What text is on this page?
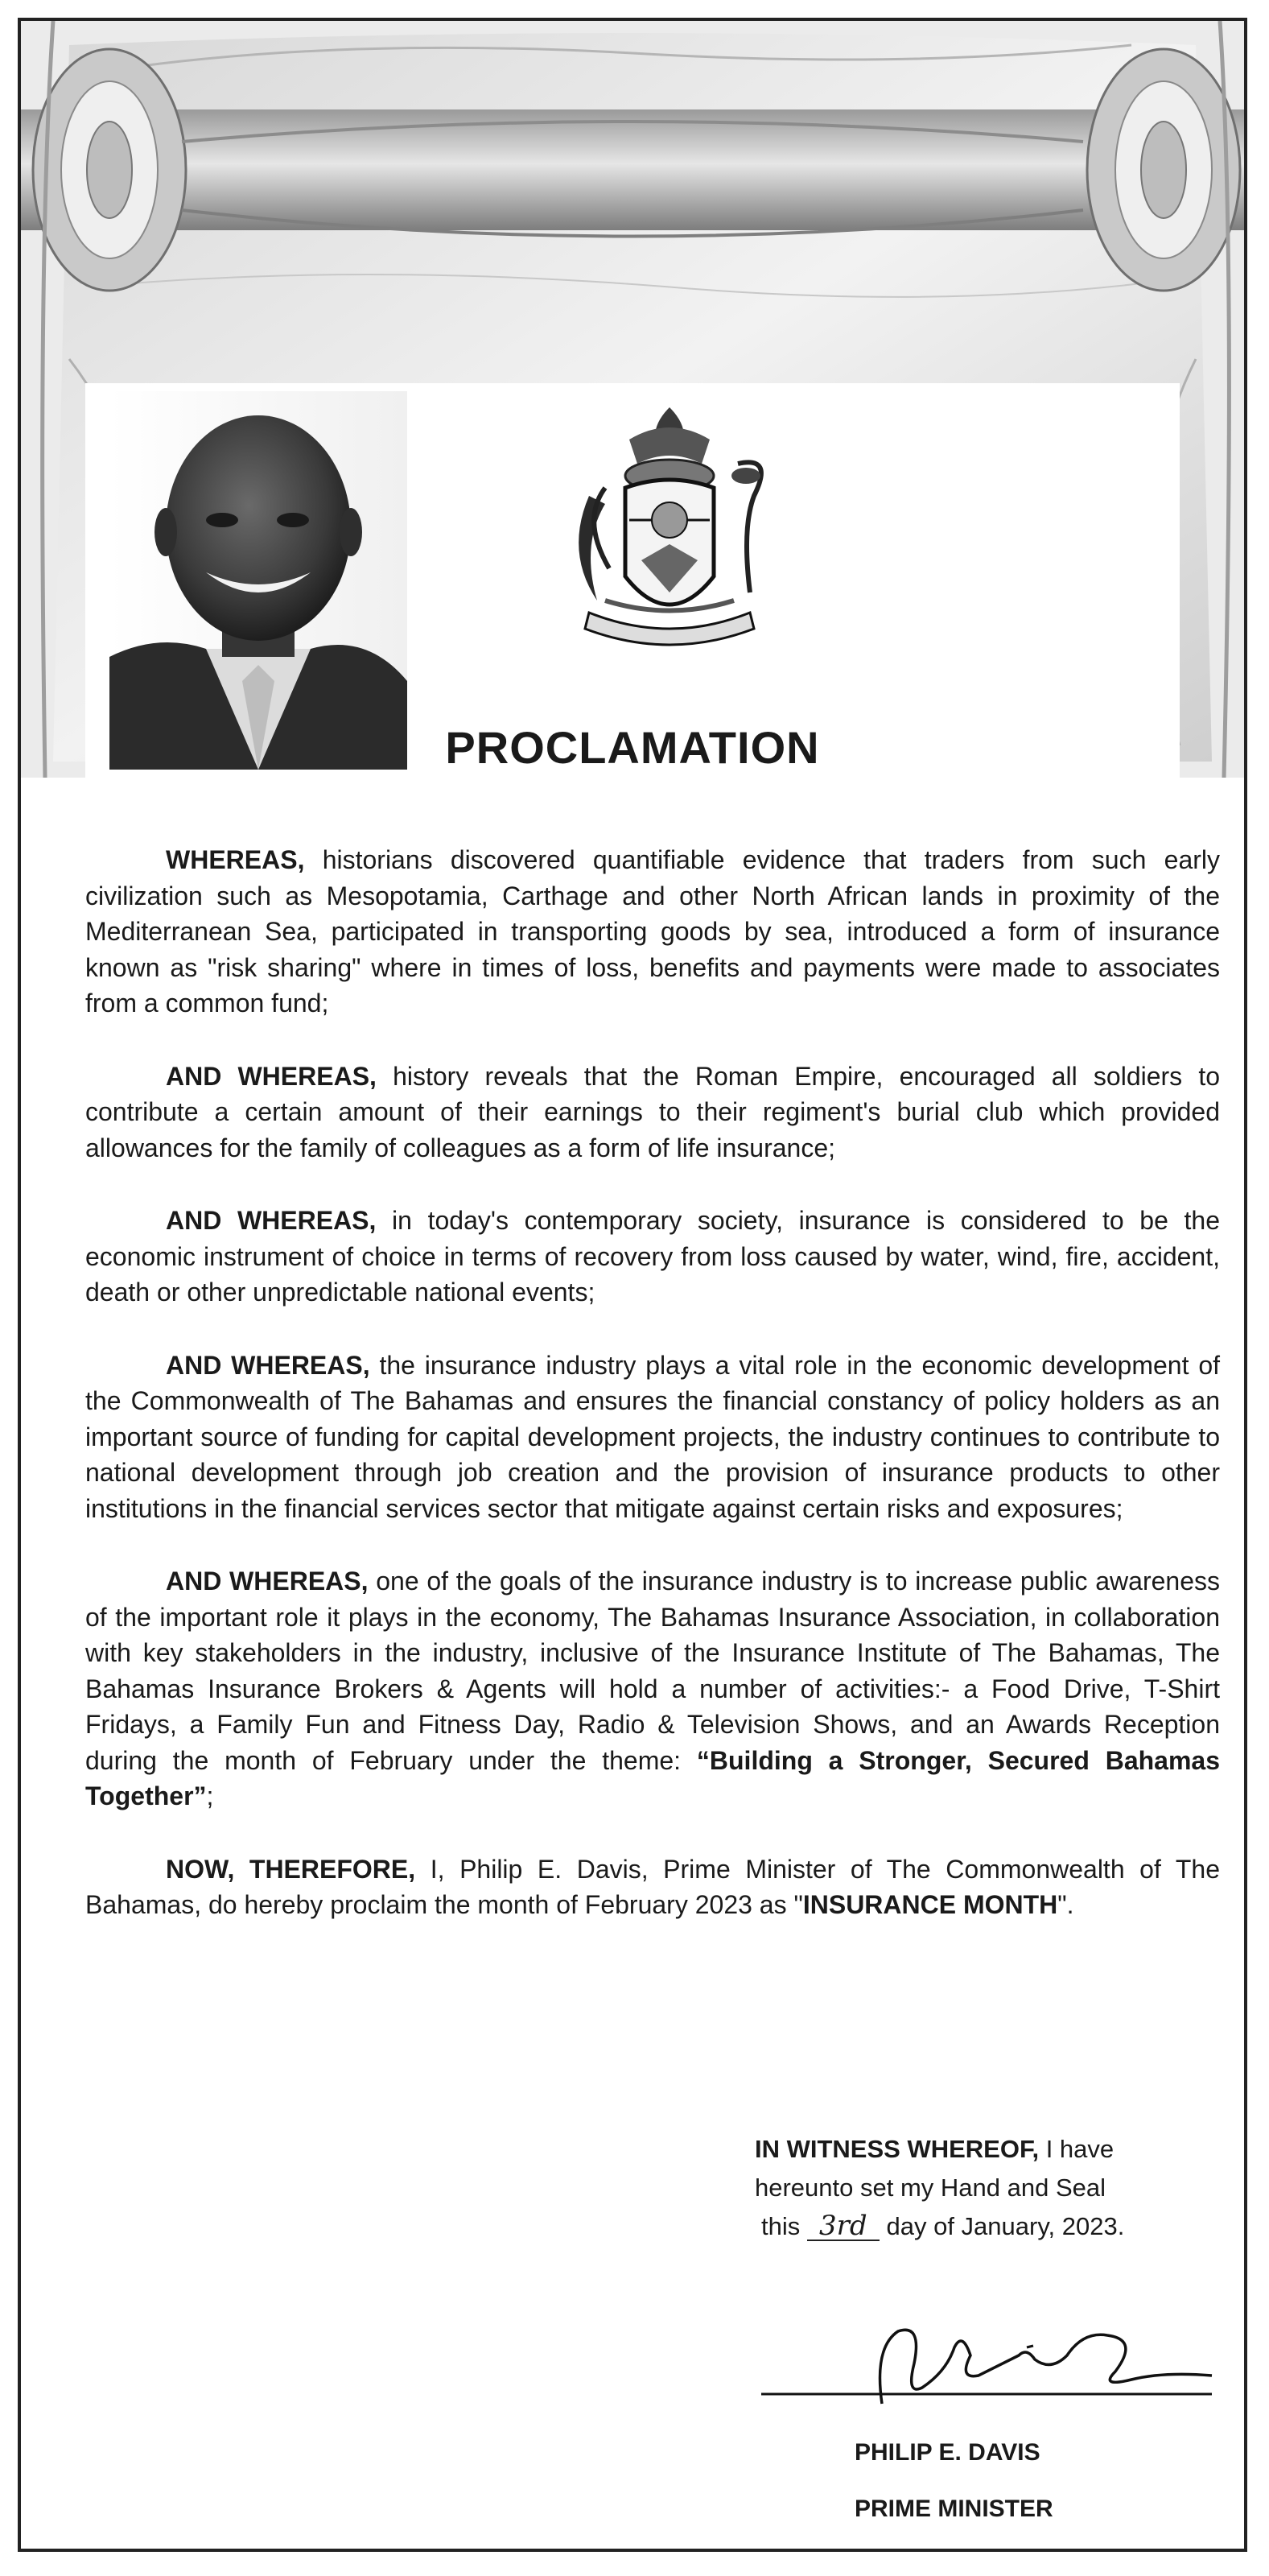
PROCLAMATION

WHEREAS, historians discovered quantifiable evidence that traders from such early civilization such as Mesopotamia, Carthage and other North African lands in proximity of the Mediterranean Sea, participated in transporting goods by sea, introduced a form of insurance known as "risk sharing" where in times of loss, benefits and payments were made to associates from a common fund;

AND WHEREAS, history reveals that the Roman Empire, encouraged all soldiers to contribute a certain amount of their earnings to their regiment's burial club which provided allowances for the family of colleagues as a form of life insurance;

AND WHEREAS, in today's contemporary society, insurance is considered to be the economic instrument of choice in terms of recovery from loss caused by water, wind, fire, accident, death or other unpredictable national events;

AND WHEREAS, the insurance industry plays a vital role in the economic development of the Commonwealth of The Bahamas and ensures the financial constancy of policy holders as an important source of funding for capital development projects, the industry continues to contribute to national development through job creation and the provision of insurance products to other institutions in the financial services sector that mitigate against certain risks and exposures;

AND WHEREAS, one of the goals of the insurance industry is to increase public awareness of the important role it plays in the economy, The Bahamas Insurance Association, in collaboration with key stakeholders in the industry, inclusive of the Insurance Institute of The Bahamas, The Bahamas Insurance Brokers & Agents will hold a number of activities:- a Food Drive, T-Shirt Fridays, a Family Fun and Fitness Day, Radio & Television Shows, and an Awards Reception during the month of February under the theme: “Building a Stronger, Secured Bahamas Together”;

NOW, THEREFORE, I, Philip E. Davis, Prime Minister of The Commonwealth of The Bahamas, do hereby proclaim the month of February 2023 as "INSURANCE MONTH".

IN WITNESS WHEREOF, I have
hereunto set my Hand and Seal
this 3rd day of January, 2023.
PHILIP E. DAVIS
PRIME MINISTER
